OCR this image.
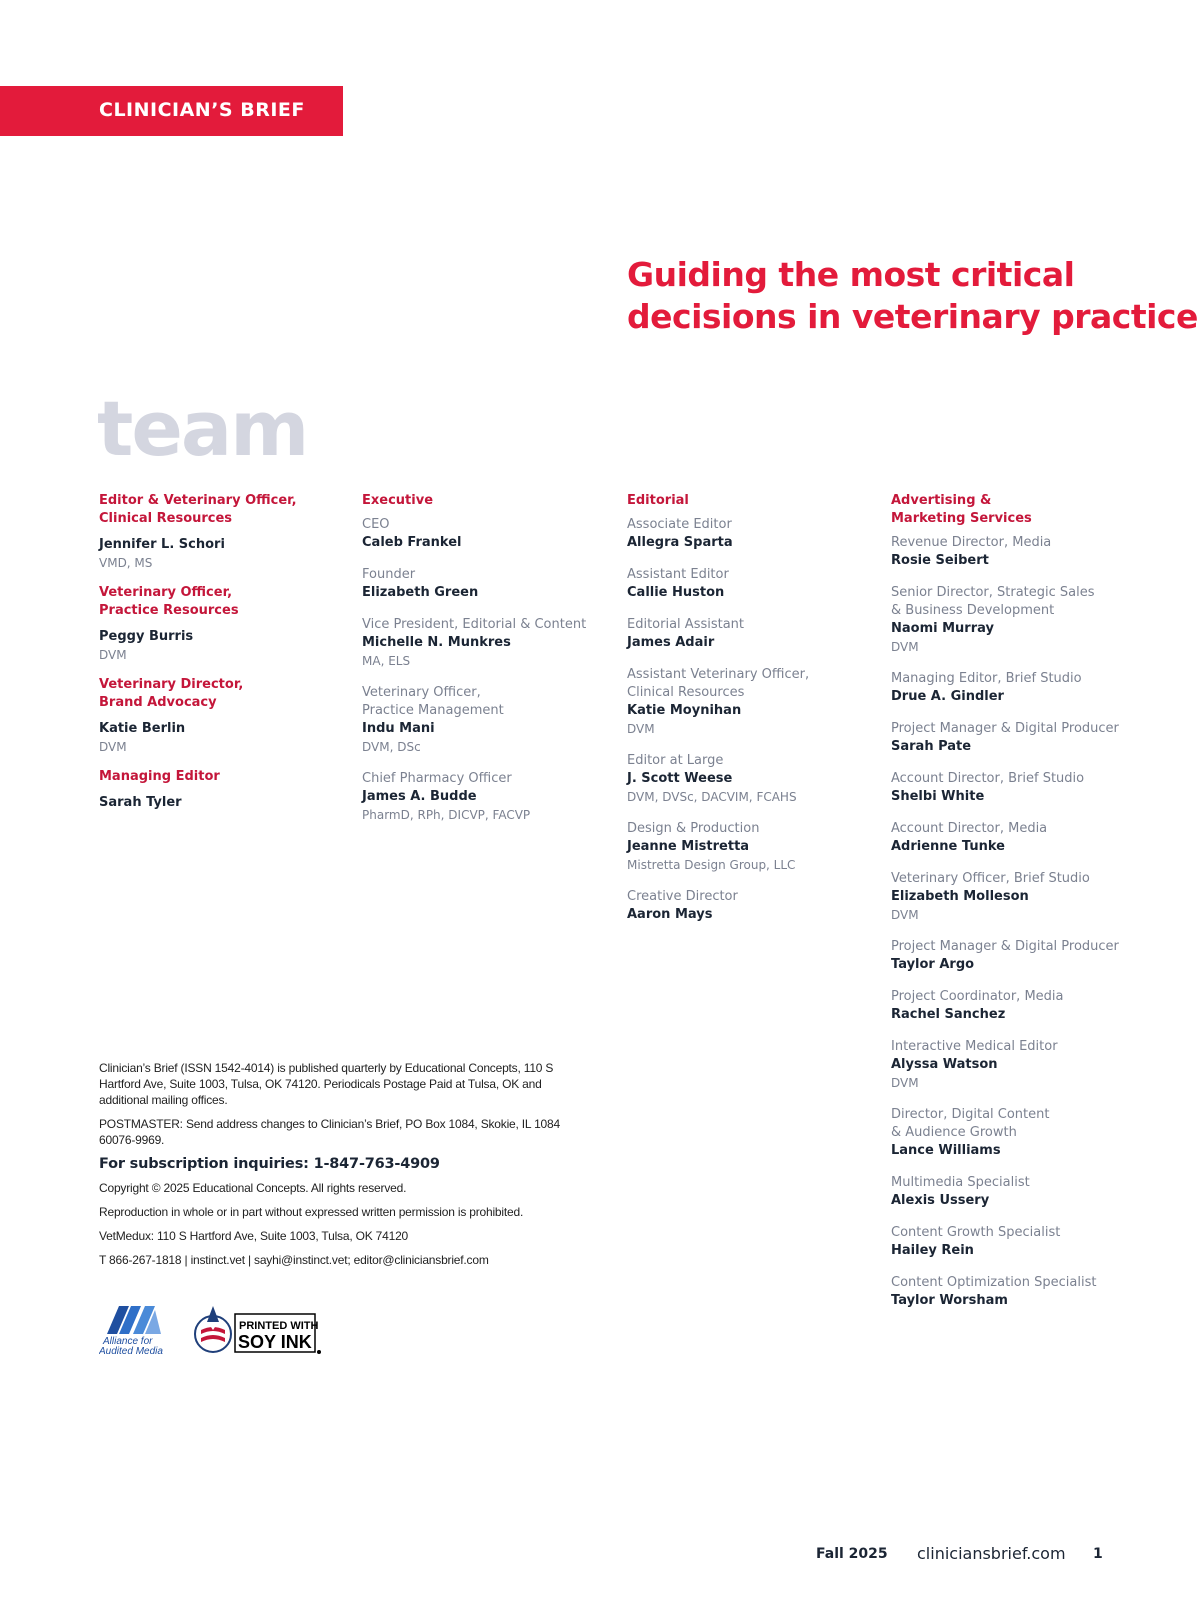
CLINICIAN’S BRIEF
Guiding the most critical
decisions in veterinary practice
team
Editor & Veterinary Officer,
Clinical Resources
Jennifer L. Schori
VMD, MS
Veterinary Officer,
Practice Resources
Peggy Burris
DVM
Veterinary Director,
Brand Advocacy
Katie Berlin
DVM
Managing Editor
Sarah Tyler
Executive
CEO
Caleb Frankel
Founder
Elizabeth Green
Vice President, Editorial & Content
Michelle N. Munkres
MA, ELS
Veterinary Officer,
Practice Management
Indu Mani
DVM, DSc
Chief Pharmacy Officer
James A. Budde
PharmD, RPh, DICVP, FACVP
Editorial
Associate Editor
Allegra Sparta
Assistant Editor
Callie Huston
Editorial Assistant
James Adair
Assistant Veterinary Officer,
Clinical Resources
Katie Moynihan
DVM
Editor at Large
J. Scott Weese
DVM, DVSc, DACVIM, FCAHS
Design & Production
Jeanne Mistretta
Mistretta Design Group, LLC
Creative Director
Aaron Mays
Advertising &
Marketing Services
Revenue Director, Media
Rosie Seibert
Senior Director, Strategic Sales
& Business Development
Naomi Murray
DVM
Managing Editor, Brief Studio
Drue A. Gindler
Project Manager & Digital Producer
Sarah Pate
Account Director, Brief Studio
Shelbi White
Account Director, Media
Adrienne Tunke
Veterinary Officer, Brief Studio
Elizabeth Molleson
DVM
Project Manager & Digital Producer
Taylor Argo
Project Coordinator, Media
Rachel Sanchez
Interactive Medical Editor
Alyssa Watson
DVM
Director, Digital Content
& Audience Growth
Lance Williams
Multimedia Specialist
Alexis Ussery
Content Growth Specialist
Hailey Rein
Content Optimization Specialist
Taylor Worsham

Clinician’s Brief (ISSN 1542-4014) is published quarterly by Educational Concepts, 110 S Hartford Ave, Suite 1003, Tulsa, OK 74120. Periodicals Postage Paid at Tulsa, OK and additional mailing offices.

POSTMASTER: Send address changes to Clinician’s Brief, PO Box 1084, Skokie, IL 1084 60076-9969.

For subscription inquiries: 1-847-763-4909

Copyright © 2025 Educational Concepts. All rights reserved.

Reproduction in whole or in part without expressed written permission is prohibited.

VetMedux: 110 S Hartford Ave, Suite 1003, Tulsa, OK 74120

T 866-267-1818 | instinct.vet | sayhi@instinct.vet; editor@cliniciansbrief.com

Alliance for
Audited Media
PRINTED WITH
SOY INK
Fall 2025 cliniciansbrief.com 1
